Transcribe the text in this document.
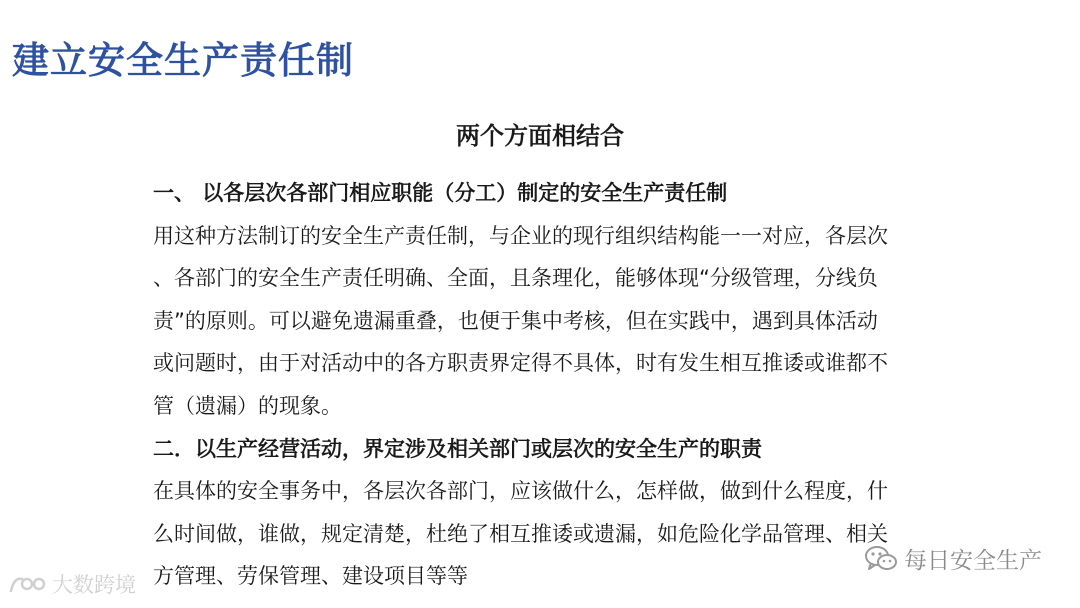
建立安全生产责任制
两个方面相结合
一、 以各层次各部门相应职能（分工）制定的安全生产责任制
用这种方法制订的安全生产责任制，与企业的现行组织结构能一一对应，各层次
、各部门的安全生产责任明确、全面，且条理化，能够体现“分级管理，分线负
责”的原则。可以避免遗漏重叠，也便于集中考核，但在实践中，遇到具体活动
或问题时，由于对活动中的各方职责界定得不具体，时有发生相互推诿或谁都不
管（遗漏）的现象。
二．以生产经营活动，界定涉及相关部门或层次的安全生产的职责
在具体的安全事务中，各层次各部门，应该做什么，怎样做，做到什么程度，什
么时间做，谁做，规定清楚，杜绝了相互推诿或遗漏，如危险化学品管理、相关
方管理、劳保管理、建设项目等等
每日安全生产
大数跨境
